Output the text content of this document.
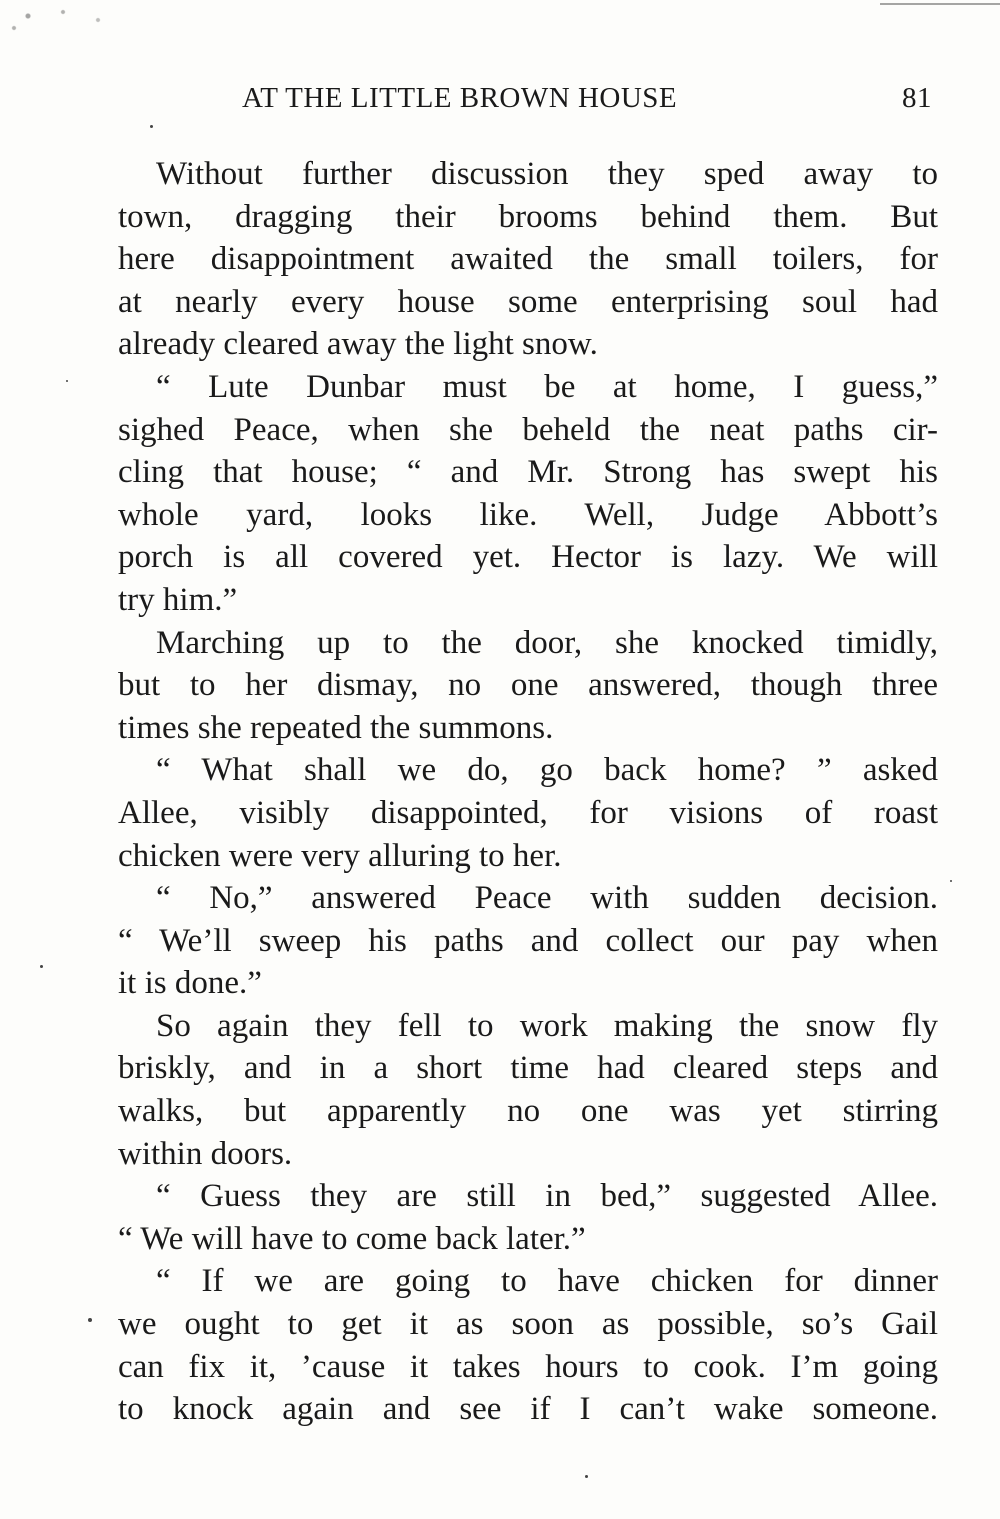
AT THE LITTLE BROWN HOUSE	81
Without further discussion they sped away to
town, dragging their brooms behind them. But
here disappointment awaited the small toilers, for
at nearly every house some enterprising soul had
already cleared away the light snow.
“ Lute Dunbar must be at home, I guess,”
sighed Peace, when she beheld the neat paths cir-
cling that house; “ and Mr. Strong has swept his
whole yard, looks like. Well, Judge Abbott’s
porch is all covered yet. Hector is lazy. We will
try him.”
Marching up to the door, she knocked timidly,
but to her dismay, no one answered, though three
times she repeated the summons.
“ What shall we do, go back home? ” asked
Allee, visibly disappointed, for visions of roast
chicken were very alluring to her.
“ No,” answered Peace with sudden decision.
“ We’ll sweep his paths and collect our pay when
it is done.”
So again they fell to work making the snow fly
briskly, and in a short time had cleared steps and
walks, but apparently no one was yet stirring
within doors.
“ Guess they are still in bed,” suggested Allee.
“ We will have to come back later.”
“ If we are going to have chicken for dinner
we ought to get it as soon as possible, so’s Gail
can fix it, ’cause it takes hours to cook. I’m going
to knock again and see if I can’t wake someone.
